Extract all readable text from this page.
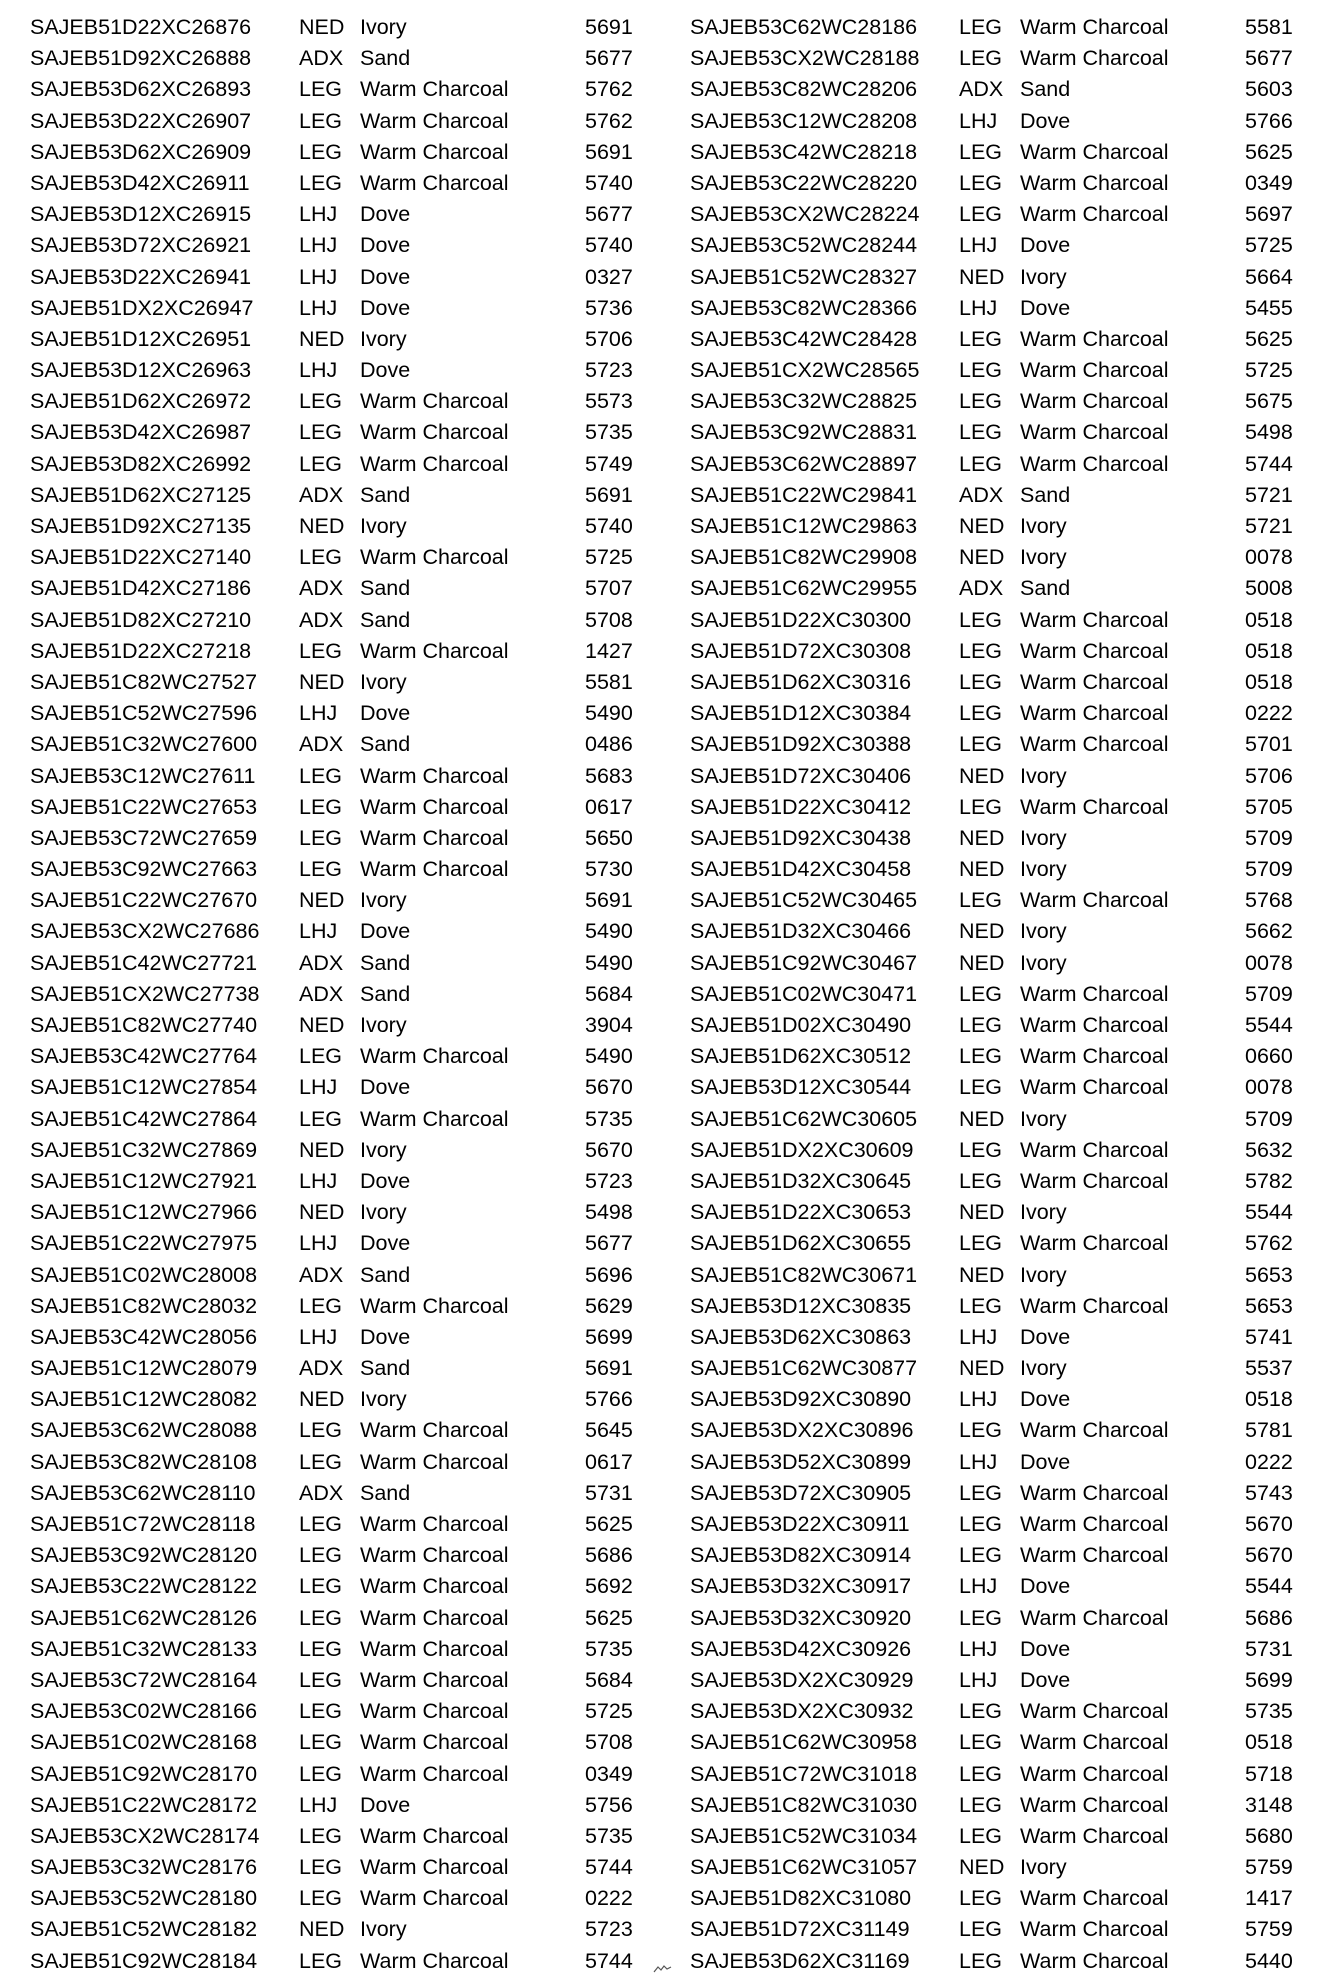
SAJEB51D22XC26876 NED Ivory	5691
SAJEB51D92XC26888 ADX Sand	5677
SAJEB53D62XC26893 LEG Warm Charcoal	5762
SAJEB53D22XC26907 LEG Warm Charcoal	5762
SAJEB53D62XC26909 LEG Warm Charcoal	5691
SAJEB53D42XC26911 LEG Warm Charcoal	5740
SAJEB53D12XC26915 LHJ Dove	5677
SAJEB53D72XC26921 LHJ Dove	5740
SAJEB53D22XC26941 LHJ Dove	0327
SAJEB51DX2XC26947 LHJ Dove	5736
SAJEB51D12XC26951 NED Ivory	5706
SAJEB53D12XC26963 LHJ Dove	5723
SAJEB51D62XC26972 LEG Warm Charcoal	5573
SAJEB53D42XC26987 LEG Warm Charcoal	5735
SAJEB53D82XC26992 LEG Warm Charcoal	5749
SAJEB51D62XC27125 ADX Sand	5691
SAJEB51D92XC27135 NED Ivory	5740
SAJEB51D22XC27140 LEG Warm Charcoal	5725
SAJEB51D42XC27186 ADX Sand	5707
SAJEB51D82XC27210 ADX Sand	5708
SAJEB51D22XC27218 LEG Warm Charcoal	1427
SAJEB51C82WC27527 NED Ivory	5581
SAJEB51C52WC27596 LHJ Dove	5490
SAJEB51C32WC27600 ADX Sand	0486
SAJEB53C12WC27611 LEG Warm Charcoal	5683
SAJEB51C22WC27653 LEG Warm Charcoal	0617
SAJEB53C72WC27659 LEG Warm Charcoal	5650
SAJEB53C92WC27663 LEG Warm Charcoal	5730
SAJEB51C22WC27670 NED Ivory	5691
SAJEB53CX2WC27686 LHJ Dove	5490
SAJEB51C42WC27721 ADX Sand	5490
SAJEB51CX2WC27738 ADX Sand	5684
SAJEB51C82WC27740 NED Ivory	3904
SAJEB53C42WC27764 LEG Warm Charcoal	5490
SAJEB51C12WC27854 LHJ Dove	5670
SAJEB51C42WC27864 LEG Warm Charcoal	5735
SAJEB51C32WC27869 NED Ivory	5670
SAJEB51C12WC27921 LHJ Dove	5723
SAJEB51C12WC27966 NED Ivory	5498
SAJEB51C22WC27975 LHJ Dove	5677
SAJEB51C02WC28008 ADX Sand	5696
SAJEB51C82WC28032 LEG Warm Charcoal	5629
SAJEB53C42WC28056 LHJ Dove	5699
SAJEB51C12WC28079 ADX Sand	5691
SAJEB51C12WC28082 NED Ivory	5766
SAJEB53C62WC28088 LEG Warm Charcoal	5645
SAJEB53C82WC28108 LEG Warm Charcoal	0617
SAJEB53C62WC28110 ADX Sand	5731
SAJEB51C72WC28118 LEG Warm Charcoal	5625
SAJEB53C92WC28120 LEG Warm Charcoal	5686
SAJEB53C22WC28122 LEG Warm Charcoal	5692
SAJEB51C62WC28126 LEG Warm Charcoal	5625
SAJEB51C32WC28133 LEG Warm Charcoal	5735
SAJEB53C72WC28164 LEG Warm Charcoal	5684
SAJEB53C02WC28166 LEG Warm Charcoal	5725
SAJEB51C02WC28168 LEG Warm Charcoal	5708
SAJEB51C92WC28170 LEG Warm Charcoal	0349
SAJEB51C22WC28172 LHJ Dove	5756
SAJEB53CX2WC28174 LEG Warm Charcoal	5735
SAJEB53C32WC28176 LEG Warm Charcoal	5744
SAJEB53C52WC28180 LEG Warm Charcoal	0222
SAJEB51C52WC28182 NED Ivory	5723
SAJEB51C92WC28184 LEG Warm Charcoal	5744
SAJEB53C62WC28186 LEG Warm Charcoal	5581
SAJEB53CX2WC28188 LEG Warm Charcoal	5677
SAJEB53C82WC28206 ADX Sand	5603
SAJEB53C12WC28208 LHJ Dove	5766
SAJEB53C42WC28218 LEG Warm Charcoal	5625
SAJEB53C22WC28220 LEG Warm Charcoal	0349
SAJEB53CX2WC28224 LEG Warm Charcoal	5697
SAJEB53C52WC28244 LHJ Dove	5725
SAJEB51C52WC28327 NED Ivory	5664
SAJEB53C82WC28366 LHJ Dove	5455
SAJEB53C42WC28428 LEG Warm Charcoal	5625
SAJEB51CX2WC28565 LEG Warm Charcoal	5725
SAJEB53C32WC28825 LEG Warm Charcoal	5675
SAJEB53C92WC28831 LEG Warm Charcoal	5498
SAJEB53C62WC28897 LEG Warm Charcoal	5744
SAJEB51C22WC29841 ADX Sand	5721
SAJEB51C12WC29863 NED Ivory	5721
SAJEB51C82WC29908 NED Ivory	0078
SAJEB51C62WC29955 ADX Sand	5008
SAJEB51D22XC30300 LEG Warm Charcoal	0518
SAJEB51D72XC30308 LEG Warm Charcoal	0518
SAJEB51D62XC30316 LEG Warm Charcoal	0518
SAJEB51D12XC30384 LEG Warm Charcoal	0222
SAJEB51D92XC30388 LEG Warm Charcoal	5701
SAJEB51D72XC30406 NED Ivory	5706
SAJEB51D22XC30412 LEG Warm Charcoal	5705
SAJEB51D92XC30438 NED Ivory	5709
SAJEB51D42XC30458 NED Ivory	5709
SAJEB51C52WC30465 LEG Warm Charcoal	5768
SAJEB51D32XC30466 NED Ivory	5662
SAJEB51C92WC30467 NED Ivory	0078
SAJEB51C02WC30471 LEG Warm Charcoal	5709
SAJEB51D02XC30490 LEG Warm Charcoal	5544
SAJEB51D62XC30512 LEG Warm Charcoal	0660
SAJEB53D12XC30544 LEG Warm Charcoal	0078
SAJEB51C62WC30605 NED Ivory	5709
SAJEB51DX2XC30609 LEG Warm Charcoal	5632
SAJEB51D32XC30645 LEG Warm Charcoal	5782
SAJEB51D22XC30653 NED Ivory	5544
SAJEB51D62XC30655 LEG Warm Charcoal	5762
SAJEB51C82WC30671 NED Ivory	5653
SAJEB53D12XC30835 LEG Warm Charcoal	5653
SAJEB53D62XC30863 LHJ Dove	5741
SAJEB51C62WC30877 NED Ivory	5537
SAJEB53D92XC30890 LHJ Dove	0518
SAJEB53DX2XC30896 LEG Warm Charcoal	5781
SAJEB53D52XC30899 LHJ Dove	0222
SAJEB53D72XC30905 LEG Warm Charcoal	5743
SAJEB53D22XC30911 LEG Warm Charcoal	5670
SAJEB53D82XC30914 LEG Warm Charcoal	5670
SAJEB53D32XC30917 LHJ Dove	5544
SAJEB53D32XC30920 LEG Warm Charcoal	5686
SAJEB53D42XC30926 LHJ Dove	5731
SAJEB53DX2XC30929 LHJ Dove	5699
SAJEB53DX2XC30932 LEG Warm Charcoal	5735
SAJEB51C62WC30958 LEG Warm Charcoal	0518
SAJEB51C72WC31018 LEG Warm Charcoal	5718
SAJEB51C82WC31030 LEG Warm Charcoal	3148
SAJEB51C52WC31034 LEG Warm Charcoal	5680
SAJEB51C62WC31057 NED Ivory	5759
SAJEB51D82XC31080 LEG Warm Charcoal	1417
SAJEB51D72XC31149 LEG Warm Charcoal	5759
SAJEB53D62XC31169 LEG Warm Charcoal	5440
